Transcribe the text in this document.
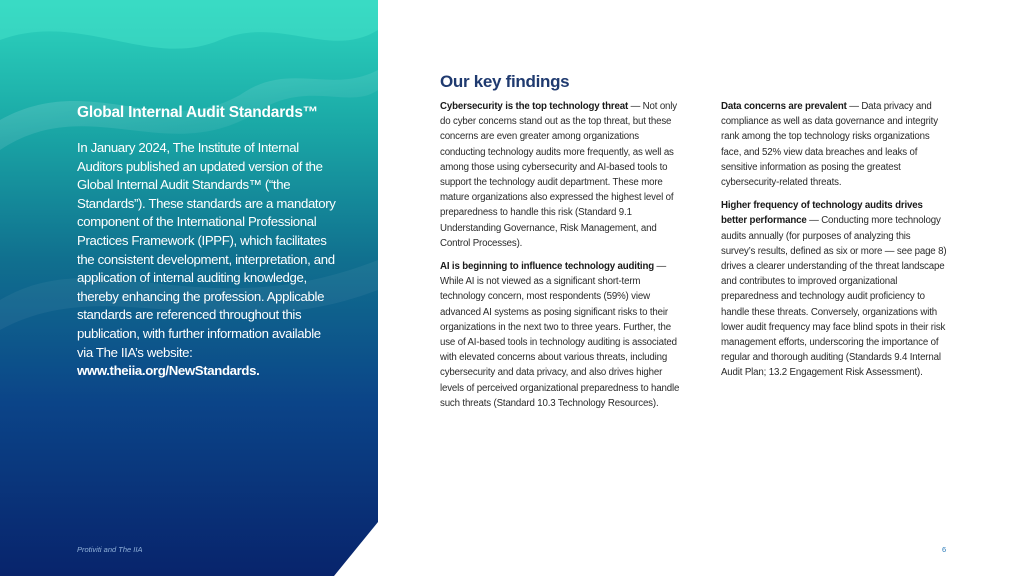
Global Internal Audit Standards™

In January 2024, The Institute of Internal Auditors published an updated version of the Global Internal Audit Standards™ (“the Standards”). These standards are a mandatory component of the International Professional Practices Framework (IPPF), which facilitates the consistent development, interpretation, and application of internal auditing knowledge, thereby enhancing the profession. Applicable standards are referenced throughout this publication, with further information available via The IIA’s website: www.theiia.org/NewStandards.

Our key findings

Cybersecurity is the top technology threat — Not only do cyber concerns stand out as the top threat, but these concerns are even greater among organizations conducting technology audits more frequently, as well as among those using cybersecurity and AI-based tools to support the technology audit department. These more mature organizations also expressed the highest level of preparedness to handle this risk (Standard 9.1 Understanding Governance, Risk Management, and Control Processes).

AI is beginning to influence technology auditing — While AI is not viewed as a significant short-term technology concern, most respondents (59%) view advanced AI systems as posing significant risks to their organizations in the next two to three years. Further, the use of AI-based tools in technology auditing is associated with elevated concerns about various threats, including cybersecurity and data privacy, and also drives higher levels of perceived organizational preparedness to handle such threats (Standard 10.3 Technology Resources).

Data concerns are prevalent — Data privacy and compliance as well as data governance and integrity rank among the top technology risks organizations face, and 52% view data breaches and leaks of sensitive information as posing the greatest cybersecurity-related threats.

Higher frequency of technology audits drives better performance — Conducting more technology audits annually (for purposes of analyzing this survey’s results, defined as six or more — see page 8) drives a clearer understanding of the threat landscape and contributes to improved organizational preparedness and technology audit proficiency to handle these threats. Conversely, organizations with lower audit frequency may face blind spots in their risk management efforts, underscoring the importance of regular and thorough auditing (Standards 9.4 Internal Audit Plan; 13.2 Engagement Risk Assessment).

Protiviti and The IIA	6
